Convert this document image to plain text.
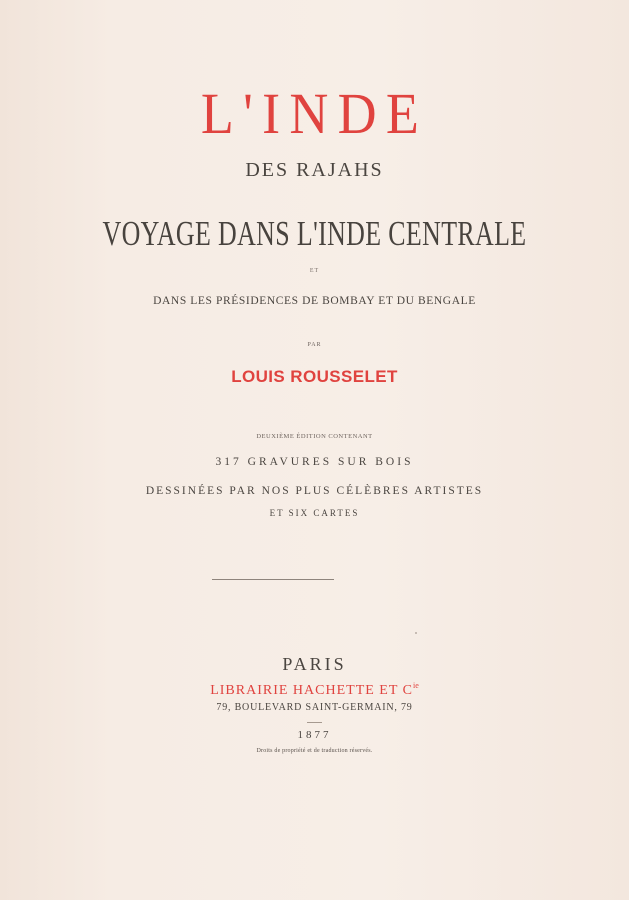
L'INDE
DES RAJAHS
VOYAGE DANS L'INDE CENTRALE
ET
DANS LES PRÉSIDENCES DE BOMBAY ET DU BENGALE
PAR
LOUIS ROUSSELET
DEUXIÈME ÉDITION CONTENANT
317 GRAVURES SUR BOIS
DESSINÉES PAR NOS PLUS CÉLÈBRES ARTISTES
ET SIX CARTES
PARIS
LIBRAIRIE HACHETTE ET $C^{ie}$
79, BOULEVARD SAINT-GERMAIN, 79
1877
Droits de propriété et de traduction réservés.
